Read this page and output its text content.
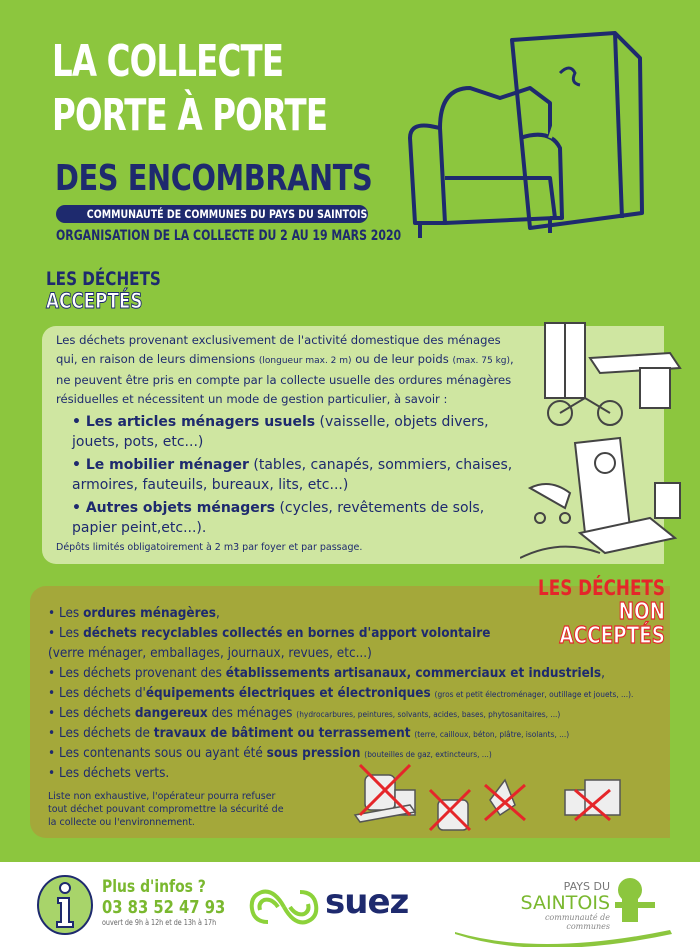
LA COLLECTE
PORTE À PORTE
DES ENCOMBRANTS
COMMUNAUTÉ DE COMMUNES DU PAYS DU SAINTOIS
ORGANISATION DE LA COLLECTE DU 2 AU 19 MARS 2020
LES DÉCHETS
ACCEPTÉS
Les déchets provenant exclusivement de l'activité domestique des ménages qui, en raison de leurs dimensions (longueur max. 2 m) ou de leur poids (max. 75 kg), ne peuvent être pris en compte par la collecte usuelle des ordures ménagères résiduelles et nécessitent un mode de gestion particulier, à savoir :
• Les articles ménagers usuels (vaisselle, objets divers, jouets, pots, etc...)
• Le mobilier ménager (tables, canapés, sommiers, chaises, armoires, fauteuils, bureaux, lits, etc...)
• Autres objets ménagers (cycles, revêtements de sols, papier peint,etc...).
Dépôts limités obligatoirement à 2 m3 par foyer et par passage.
LES DÉCHETS
NON ACCEPTÉS
• Les ordures ménagères,
• Les déchets recyclables collectés en bornes d'apport volontaire
(verre ménager, emballages, journaux, revues, etc...)
• Les déchets provenant des établissements artisanaux, commerciaux et industriels,
• Les déchets d'équipements électriques et électroniques (gros et petit électroménager, outillage et jouets, ...).
• Les déchets dangereux des ménages (hydrocarbures, peintures, solvants, acides, bases, phytosanitaires, ...)
• Les déchets de travaux de bâtiment ou terrassement (terre, cailloux, béton, plâtre, isolants, ...)
• Les contenants sous ou ayant été sous pression (bouteilles de gaz, extincteurs, ...)
• Les déchets verts.
Liste non exhaustive, l'opérateur pourra refuser tout déchet pouvant compromettre la sécurité de la collecte ou l'environnement.
Plus d'infos ?
03 83 52 47 93
ouvert de 9h à 12h et de 13h à 17h
suez	PAYS DU
SAINTOIS
communauté de communes
